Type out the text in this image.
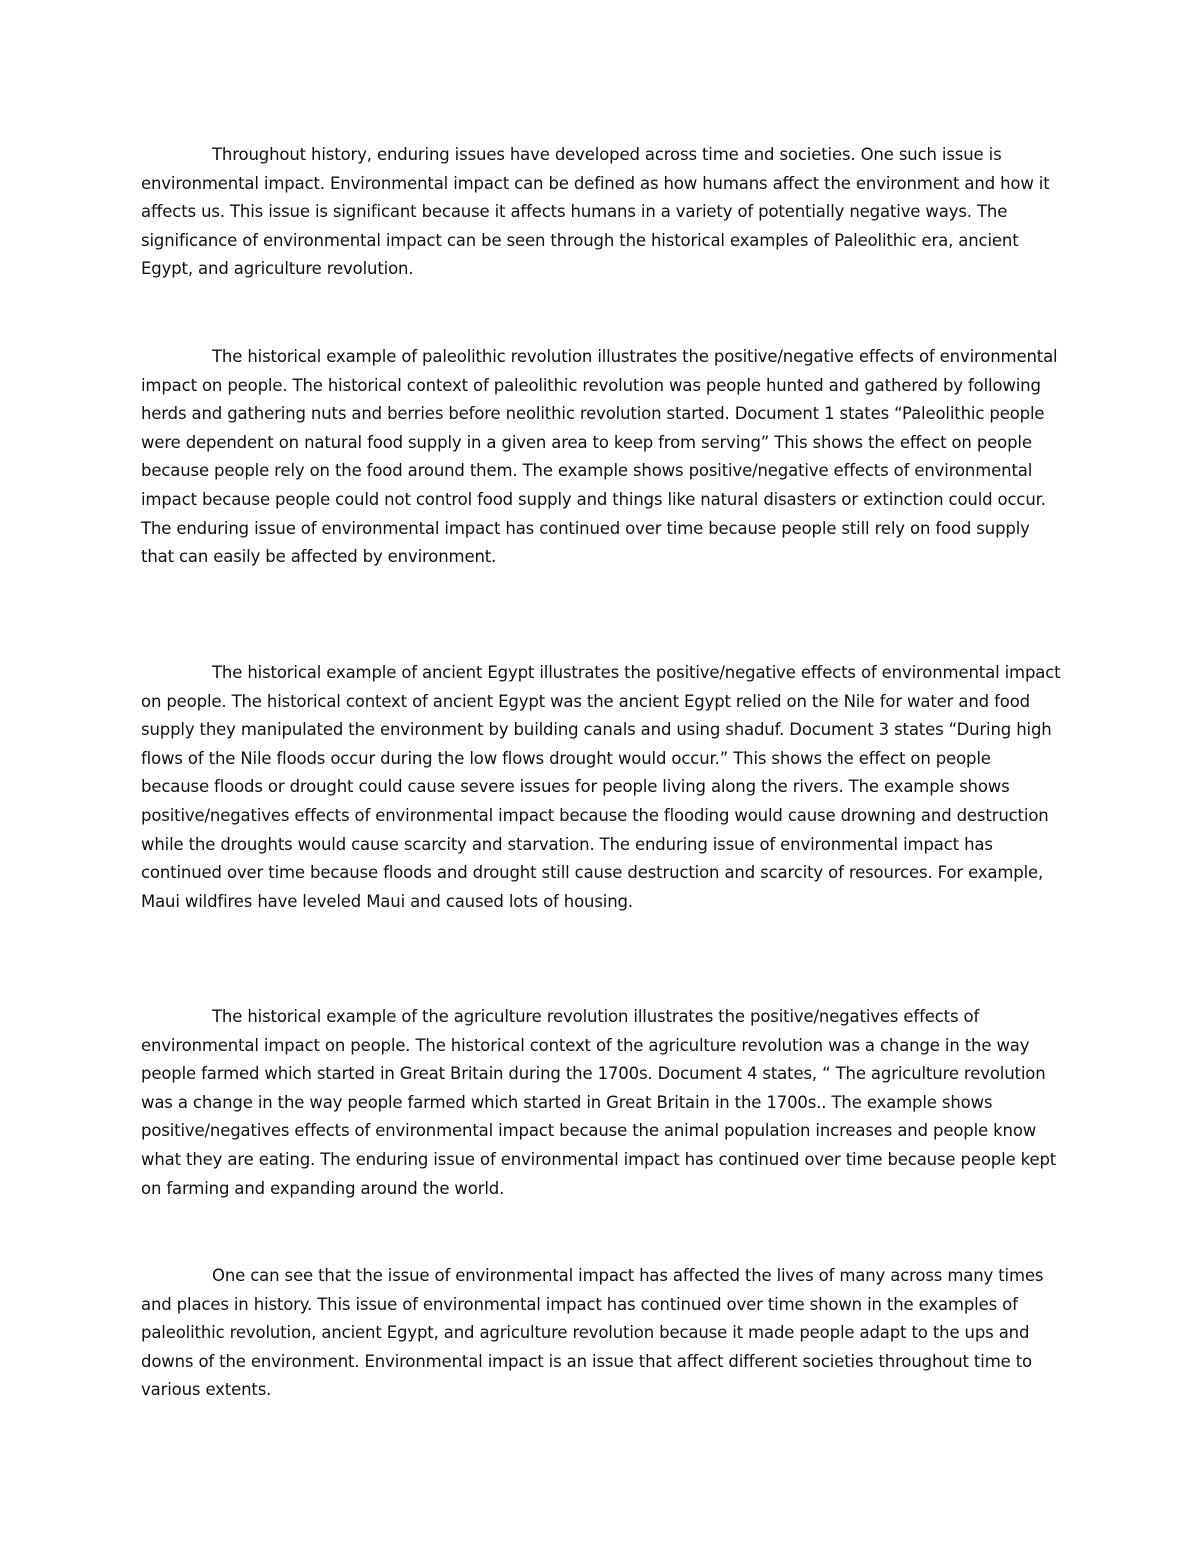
Throughout history, enduring issues have developed across time and societies. One such issue is environmental impact. Environmental impact can be defined as how humans affect the environment and how it affects us. This issue is significant because it affects humans in a variety of potentially negative ways. The significance of environmental impact can be seen through the historical examples of Paleolithic era, ancient Egypt, and agriculture revolution.

The historical example of paleolithic revolution illustrates the positive/negative effects of environmental impact on people. The historical context of paleolithic revolution was people hunted and gathered by following herds and gathering nuts and berries before neolithic revolution started. Document 1 states “Paleolithic people were dependent on natural food supply in a given area to keep from serving” This shows the effect on people because people rely on the food around them. The example shows positive/negative effects of environmental impact because people could not control food supply and things like natural disasters or extinction could occur. The enduring issue of environmental impact has continued over time because people still rely on food supply that can easily be affected by environment.

The historical example of ancient Egypt illustrates the positive/negative effects of environmental impact on people. The historical context of ancient Egypt was the ancient Egypt relied on the Nile for water and food supply they manipulated the environment by building canals and using shaduf. Document 3 states “During high flows of the Nile floods occur during the low flows drought would occur.” This shows the effect on people because floods or drought could cause severe issues for people living along the rivers. The example shows positive/negatives effects of environmental impact because the flooding would cause drowning and destruction while the droughts would cause scarcity and starvation. The enduring issue of environmental impact has continued over time because floods and drought still cause destruction and scarcity of resources. For example, Maui wildfires have leveled Maui and caused lots of housing.

The historical example of the agriculture revolution illustrates the positive/negatives effects of environmental impact on people. The historical context of the agriculture revolution was a change in the way people farmed which started in Great Britain during the 1700s. Document 4 states, “ The agriculture revolution was a change in the way people farmed which started in Great Britain in the 1700s.. The example shows positive/negatives effects of environmental impact because the animal population increases and people know what they are eating. The enduring issue of environmental impact has continued over time because people kept on farming and expanding around the world.

One can see that the issue of environmental impact has affected the lives of many across many times and places in history. This issue of environmental impact has continued over time shown in the examples of paleolithic revolution, ancient Egypt, and agriculture revolution because it made people adapt to the ups and downs of the environment. Environmental impact is an issue that affect different societies throughout time to various extents.
